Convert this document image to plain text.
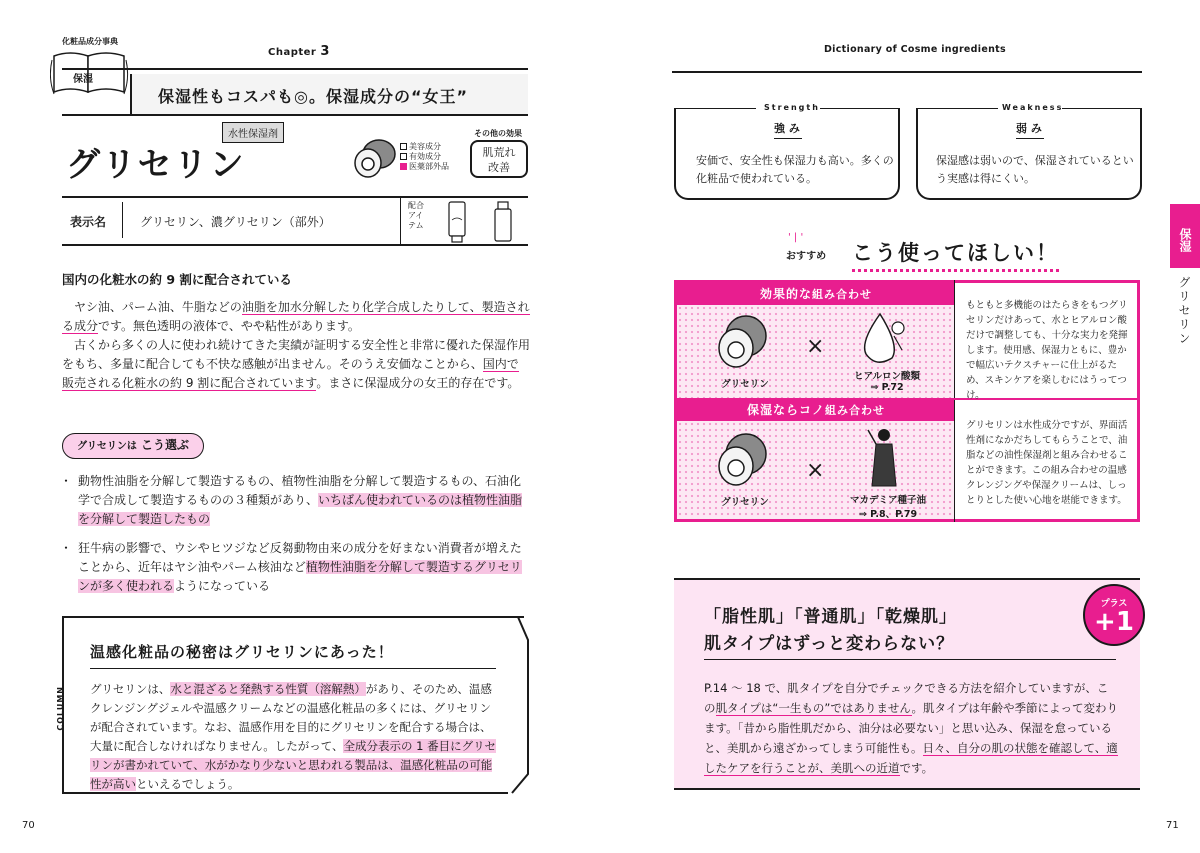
化粧品成分事典
保湿
Chapter 3
保湿性もコスパも◎。保湿成分の“女王”
グリセリン
水性保湿剤
美容成分
有効成分
医薬部外品
その他の効果
肌荒れ
改善
表示名	グリセリン、濃グリセリン（部外）
配合アイテム
国内の化粧水の約 9 割に配合されている

ヤシ油、パーム油、牛脂などの油脂を加水分解したり化学合成したりして、製造される成分です。無色透明の液体で、やや粘性があります。

古くから多くの人に使われ続けてきた実績が証明する安全性と非常に優れた保湿作用をもち、多量に配合しても不快な感触が出ません。そのうえ安価なことから、国内で販売される化粧水の約 9 割に配合されています。まさに保湿成分の女王的存在です。

グリセリンは こう選ぶ
・ 動物性油脂を分解して製造するもの、植物性油脂を分解して製造するもの、石油化学で合成して製造するものの３種類があり、いちばん使われているのは植物性油脂を分解して製造したもの
・ 狂牛病の影響で、ウシやヒツジなど反芻動物由来の成分を好まない消費者が増えたことから、近年はヤシ油やパーム核油など植物性油脂を分解して製造するグリセリンが多く使われるようになっている
COLUMN
温感化粧品の秘密はグリセリンにあった！
グリセリンは、水と混ざると発熱する性質（溶解熱）があり、そのため、温感クレンジングジェルや温感クリームなどの温感化粧品の多くには、グリセリンが配合されています。なお、温感作用を目的にグリセリンを配合する場合は、大量に配合しなければなりません。したがって、全成分表示の 1 番目にグリセリンが書かれていて、水がかなり少ないと思われる製品は、温感化粧品の可能性が高いといえるでしょう。
70
Dictionary of Cosme ingredients
Strength
強 み
安価で、安全性も保湿力も高い。多くの化粧品で使われている。
Weakness
弱 み
保湿感は弱いので、保湿されているという実感は得にくい。
保湿
グリセリン
' | '
おすすめ こう使ってほしい！
効果的な組み合わせ
保湿ならコノ組み合わせ
グリセリン
×
ヒアルロン酸類
⇒ P.72
もともと多機能のはたらきをもつグリセリンだけあって、水とヒアルロン酸だけで調整しても、十分な実力を発揮します。使用感、保湿力ともに、豊かで幅広いテクスチャーに仕上がるため、スキンケアを楽しむにはうってつけ。
グリセリン
×
マカデミア種子油
⇒ P.8、P.79
グリセリンは水性成分ですが、界面活性剤になかだちしてもらうことで、油脂などの油性保湿剤と組み合わせることができます。この組み合わせの温感クレンジングや保湿クリームは、しっとりとした使い心地を堪能できます。
プラス
+1
「脂性肌」「普通肌」「乾燥肌」
肌タイプはずっと変わらない？
P.14 〜 18 で、肌タイプを自分でチェックできる方法を紹介していますが、この肌タイプは“一生もの”ではありません。肌タイプは年齢や季節によって変わります。「昔から脂性肌だから、油分は必要ない」と思い込み、保湿を怠っていると、美肌から遠ざかってしまう可能性も。日々、自分の肌の状態を確認して、適したケアを行うことが、美肌への近道です。
71
